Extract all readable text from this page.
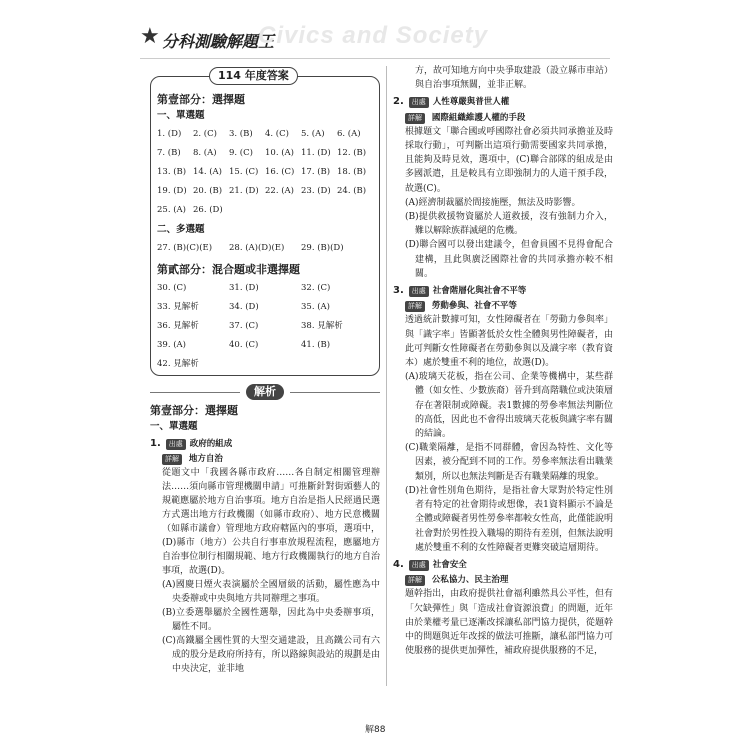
★ 分科測驗解題王
Civics and Society
114 年度答案
第壹部分：選擇題
一、單選題
1. (D)	2. (C)	3. (B)	4. (C)	5. (A)	6. (A)
7. (B)	8. (A)	9. (C)	10. (A) 11. (D) 12. (B)
13. (B) 14. (A) 15. (C) 16. (C) 17. (B) 18. (B)
19. (D) 20. (B) 21. (D) 22. (A) 23. (D) 24. (B)
25. (A) 26. (D)
二、多選題
27. (B)(C)(E)	28. (A)(D)(E)	29. (B)(D)
第貳部分：混合題或非選擇題
30. (C)	31. (D)	32. (C)
33. 見解析	34. (D)	35. (A)
36. 見解析	37. (C)	38. 見解析
39. (A)	40. (C)	41. (B)
42. 見解析
解析
第壹部分：選擇題
一、單選題
1.	出處 政府的組成
詳解 地方自治
從題文中「我國各縣市政府……各自制定相關管理辦法……須向縣市管理機關申請」可推斷針對街頭藝人的規範應屬於地方自治事項。地方自治是指人民經過民選方式選出地方行政機關（如縣市政府）、地方民意機關（如縣市議會）管理地方政府轄區內的事項，選項中，(D)縣市（地方）公共自行事車放規程流程，應屬地方自治事位制行相關規範、地方行政機關執行的地方自治事項，故選(D)。
(A)國慶日煙火表演屬於全國層級的活動，屬性應為中央委辦或中央與地方共同辦理之事項。
(B)立委選舉屬於全國性選舉，因此為中央委辦事項，屬性不同。
(C)高鐵屬全國性質的大型交通建設，且高鐵公司有六成的股分是政府所持有，所以路線與設站的規劃是由中央決定，並非地
方，故可知地方向中央爭取建設（設立縣市車站）與自治事項無關，並非正解。
2.	出處 人性尊嚴與普世人權
詳解 國際組織維護人權的手段
根據題文「聯合國或呼國際社會必須共同承擔並及時採取行動」，可判斷出這項行動需要國家共同承擔，且能夠及時見效，選項中，(C)聯合部隊的組成是由多國派遣，且是較具有立即強制力的人道干預手段，故選(C)。
(A)經濟制裁屬於間接施壓，無法及時影響。
(B)提供救援物資屬於人道救援，沒有強制力介入，難以解除族群滅絕的危機。
(D)聯合國可以發出建議令，但會員國不見得會配合建構，且此與廣泛國際社會的共同承擔亦較不相關。
3.	出處 社會階層化與社會不平等
詳解 勞動參與、社會不平等
透過統計數據可知，女性障礙者在「勞動力參與率」與「識字率」皆顯著低於女性全體與男性障礙者，由此可判斷女性障礙者在勞動參與以及識字率（教育資本）處於雙重不利的地位，故選(D)。
(A)玻璃天花板，指在公司、企業等機構中，某些群體（如女性、少數族裔）晉升到高階職位或決策層存在著限制或障礙。表1數據的勞參率無法判斷位的高低，因此也不會得出玻璃天花板與識字率有關的結論。
(C)職業隔離，是指不同群體，會因為特性、文化等因素，被分配到不同的工作。勞參率無法看出職業類別，所以也無法判斷是否有職業隔離的現象。
(D)社會性別角色期待，是指社會大眾對於特定性別者有特定的社會期待或想像，表1資料顯示不論是全體或障礙者男性勞參率都較女性高，此僅能說明社會對於男性投入職場的期待有差別，但無法說明處於雙重不利的女性障礙者更難突破這層期待。
4.	出處 社會安全
詳解 公私協力、民主治理
題幹指出，由政府提供社會福利雖然具公平性，但有「欠缺彈性」與「造成社會資源浪費」的問題，近年由於業權考量已逐漸改採讓私部門協力提供，從題幹中的問題與近年改採的做法可推斷，讓私部門協力可使服務的提供更加彈性，補政府提供服務的不足，
解88
